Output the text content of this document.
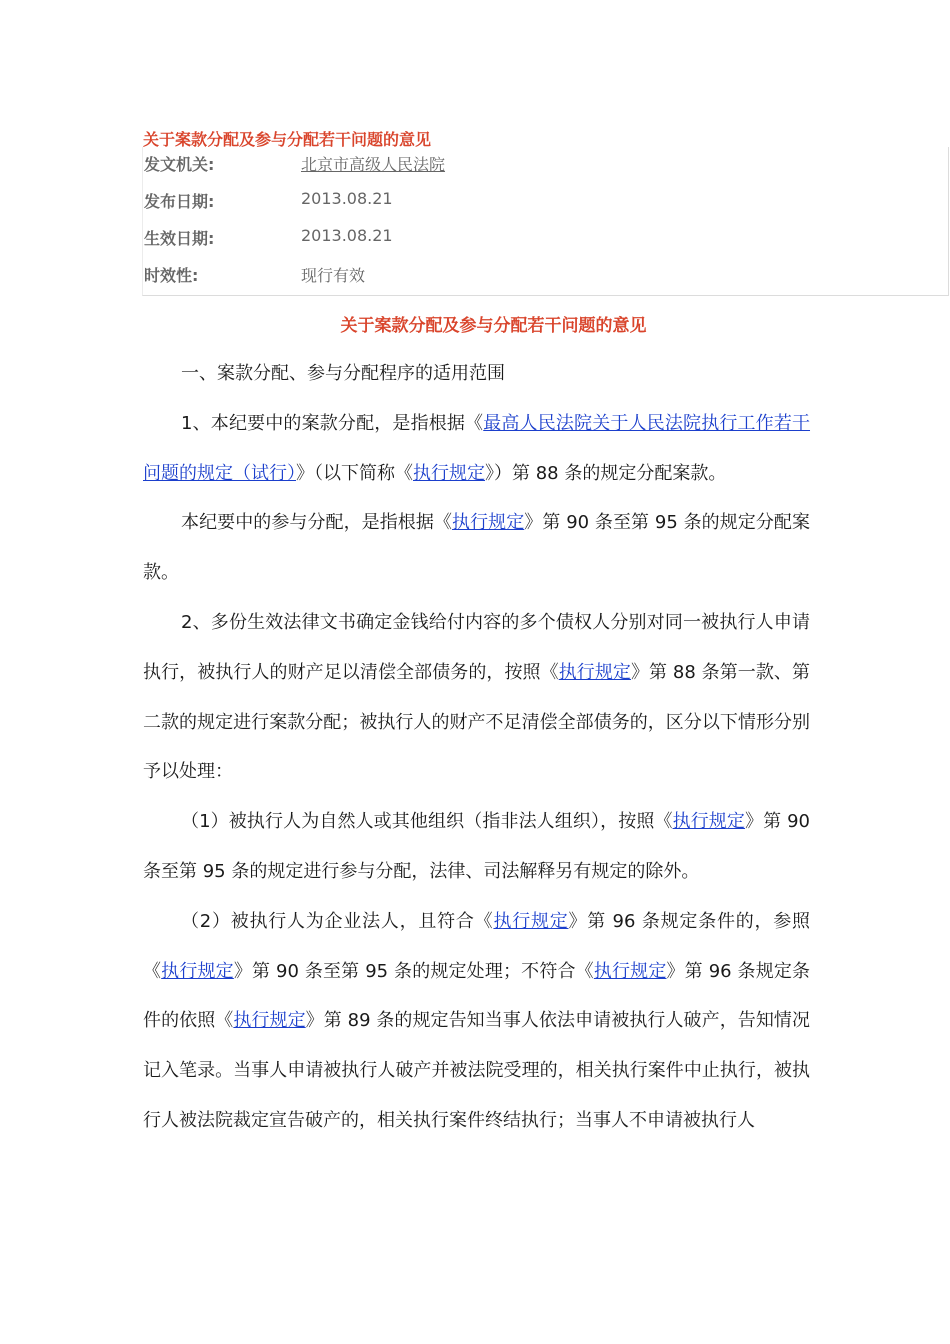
关于案款分配及参与分配若干问题的意见
发文机关:	北京市高级人民法院
发布日期:	2013.08.21
生效日期:	2013.08.21
时效性:	现行有效
关于案款分配及参与分配若干问题的意见

一、案款分配、参与分配程序的适用范围

1、本纪要中的案款分配，是指根据《最高人民法院关于人民法院执行工作若干问题的规定（试行）》（以下简称《执行规定》）第 88 条的规定分配案款。

本纪要中的参与分配，是指根据《执行规定》第 90 条至第 95 条的规定分配案款。

2、多份生效法律文书确定金钱给付内容的多个债权人分别对同一被执行人申请执行，被执行人的财产足以清偿全部债务的，按照《执行规定》第 88 条第一款、第二款的规定进行案款分配；被执行人的财产不足清偿全部债务的，区分以下情形分别予以处理：

（1）被执行人为自然人或其他组织（指非法人组织），按照《执行规定》第 90 条至第 95 条的规定进行参与分配，法律、司法解释另有规定的除外。

（2）被执行人为企业法人，且符合《执行规定》第 96 条规定条件的，参照《执行规定》第 90 条至第 95 条的规定处理；不符合《执行规定》第 96 条规定条件的依照《执行规定》第 89 条的规定告知当事人依法申请被执行人破产，告知情况记入笔录。当事人申请被执行人破产并被法院受理的，相关执行案件中止执行，被执行人被法院裁定宣告破产的，相关执行案件终结执行；当事人不申请被执行人
